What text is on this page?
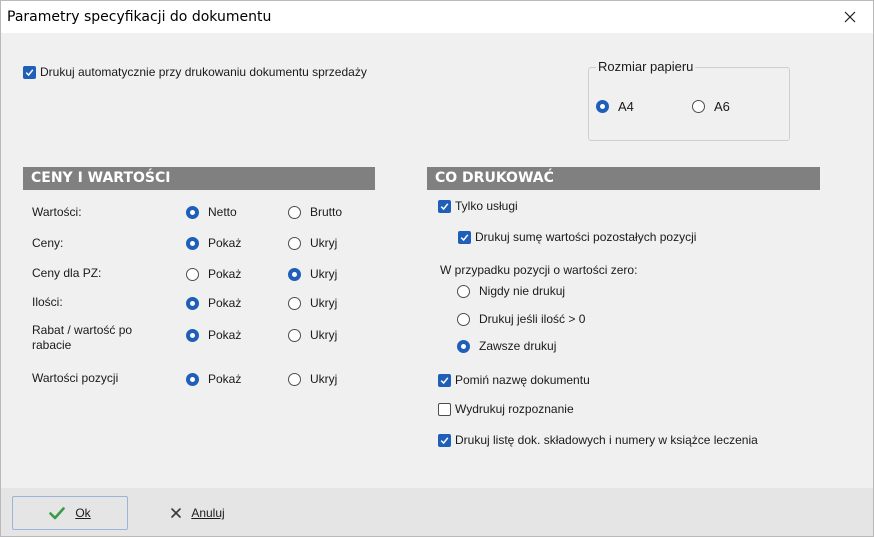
Parametry specyfikacji do dokumentu
Drukuj automatycznie przy drukowaniu dokumentu sprzedaży	Rozmiar papieru
A4	A6
CENY I WARTOŚCI
Wartości:	Netto	Brutto
Ceny:	Pokaż	Ukryj
Ceny dla PZ:	Pokaż	Ukryj
Ilości:	Pokaż	Ukryj
Rabat / wartość po
rabacie
Pokaż	Ukryj
Wartości pozycji	Pokaż	Ukryj
CO DRUKOWAĆ
Tylko usługi
Drukuj sumę wartości pozostałych pozycji
W przypadku pozycji o wartości zero:
Nigdy nie drukuj
Drukuj jeśli ilość > 0
Zawsze drukuj
Pomiń nazwę dokumentu
Wydrukuj rozpoznanie
Drukuj listę dok. składowych i numery w książce leczenia
Ok	Anuluj
